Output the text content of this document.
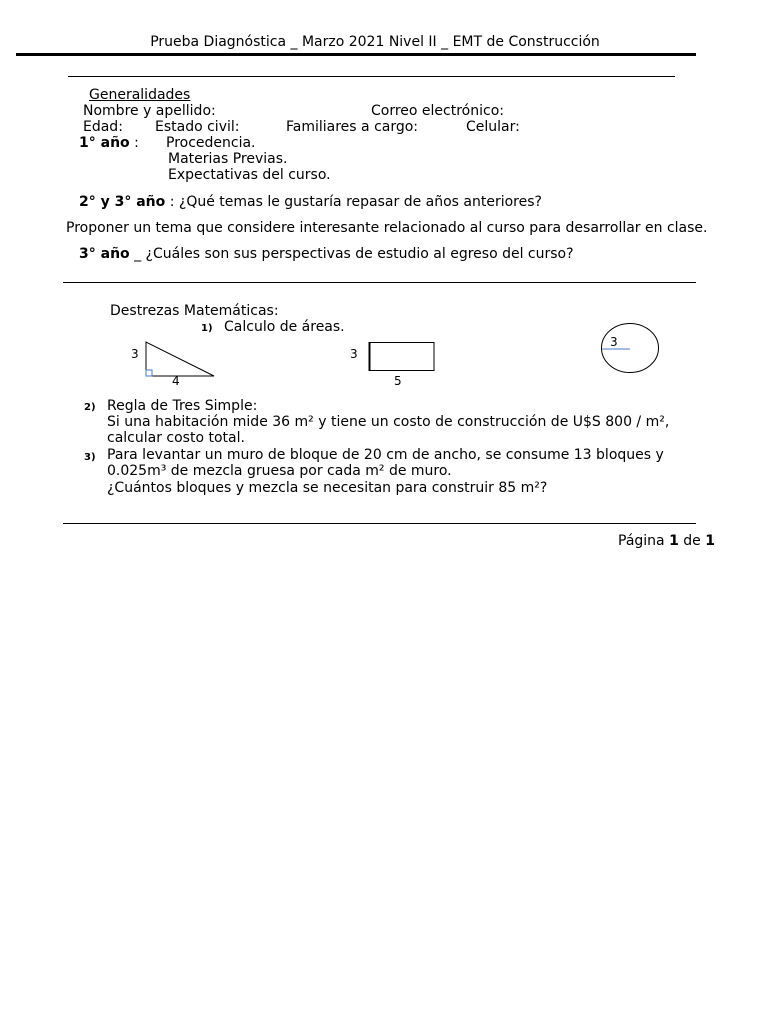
Prueba Diagnóstica _ Marzo 2021 Nivel II _ EMT de Construcción
Generalidades
Nombre y apellido:	Correo electrónico:
Edad: Estado civil:	Familiares a cargo:	Celular:
1° año : Procedencia.
Materias Previas.
Expectativas del curso.
2° y 3° año : ¿Qué temas le gustaría repasar de años anteriores?
Proponer un tema que considere interesante relacionado al curso para desarrollar en clase.
3° año _ ¿Cuáles son sus perspectivas de estudio al egreso del curso?
Destrezas Matemáticas:
1) Calculo de áreas.
3
4
3
5
3
2) Regla de Tres Simple:
Si una habitación mide 36 m² y tiene un costo de construcción de U$S 800 / m²,
calcular costo total.
3) Para levantar un muro de bloque de 20 cm de ancho, se consume 13 bloques y
0.025m³ de mezcla gruesa por cada m² de muro.
¿Cuántos bloques y mezcla se necesitan para construir 85 m²?
Página 1 de 1
